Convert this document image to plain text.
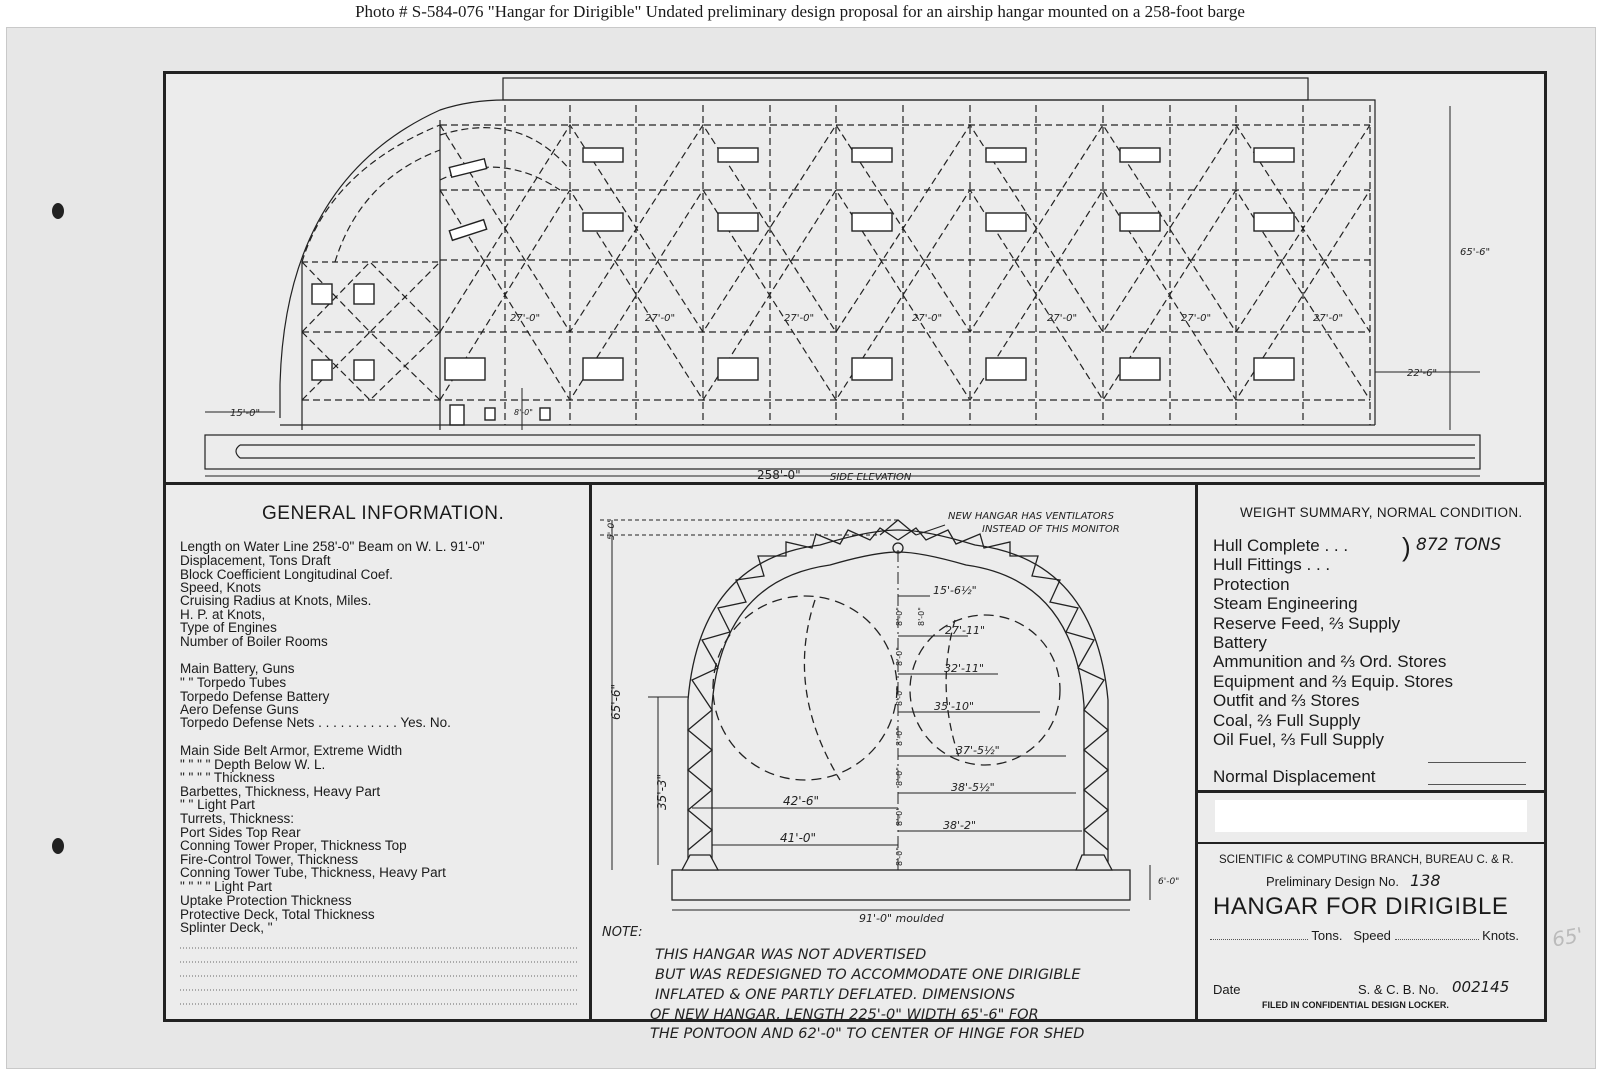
Photo # S-584-076 "Hangar for Dirigible" Undated preliminary design proposal for an airship hangar mounted on a 258-foot barge
258'-0"	SIDE ELEVATION
15'-0"
22'-6"
65'-6"
8'-0"
27'-0"	27'-0"	27'-0"	27'-0"	27'-0"	27'-0"	27'-0"
GENERAL INFORMATION.
Length on Water Line 258'-0" Beam on W. L. 91'-0"
Displacement, Tons Draft
Block Coefficient Longitudinal Coef.
Speed, Knots
Cruising Radius at Knots, Miles.
H. P. at Knots,
Type of Engines
Number of Boiler Rooms
Main Battery, Guns
" " Torpedo Tubes
Torpedo Defense Battery
Aero Defense Guns
Torpedo Defense Nets . . . . . . . . . . . Yes. No.
Main Side Belt Armor, Extreme Width
" " " " Depth Below W. L.
" " " " Thickness
Barbettes, Thickness, Heavy Part
" " Light Part
Turrets, Thickness:
Port Sides Top Rear
Conning Tower Proper, Thickness Top
Fire-Control Tower, Thickness
Conning Tower Tube, Thickness, Heavy Part
" " " " Light Part
Uptake Protection Thickness
Protective Deck, Total Thickness
Splinter Deck, "
NEW HANGAR HAS VENTILATORS INSTEAD OF THIS MONITOR
15'-6½"
27'-11"
32'-11"
35'-10"
37'-5½"
38'-5½"
38'-2"
42'-6"
41'-0"
91'-0" moulded
6'-0"
5'-0"
65'-6"
35'-3"
NOTE:
8'-0"
8'-0"
8'-0"
8'-0"
8'-0"
8'-0"
8'-0"
8'-0"
THIS HANGAR WAS NOT ADVERTISED
BUT WAS REDESIGNED TO ACCOMMODATE ONE DIRIGIBLE
INFLATED & ONE PARTLY DEFLATED. DIMENSIONS
OF NEW HANGAR, LENGTH 225'-0" WIDTH 65'-6" FOR
THE PONTOON AND 62'-0" TO CENTER OF HINGE FOR SHED
WEIGHT SUMMARY, NORMAL CONDITION.
Hull Complete . . .
Hull Fittings . . .
Protection
Steam Engineering
Reserve Feed, ⅔ Supply
Battery
Ammunition and ⅔ Ord. Stores
Equipment and ⅔ Equip. Stores
Outfit and ⅔ Stores
Coal, ⅔ Full Supply
Oil Fuel, ⅔ Full Supply
872 TONS
)
Normal Displacement
SCIENTIFIC & COMPUTING BRANCH, BUREAU C. & R.
Preliminary Design No. 138
HANGAR FOR DIRIGIBLE
Tons. Speed	Knots.
Date	S. & C. B. No. 002145
FILED IN CONFIDENTIAL DESIGN LOCKER.
65'
